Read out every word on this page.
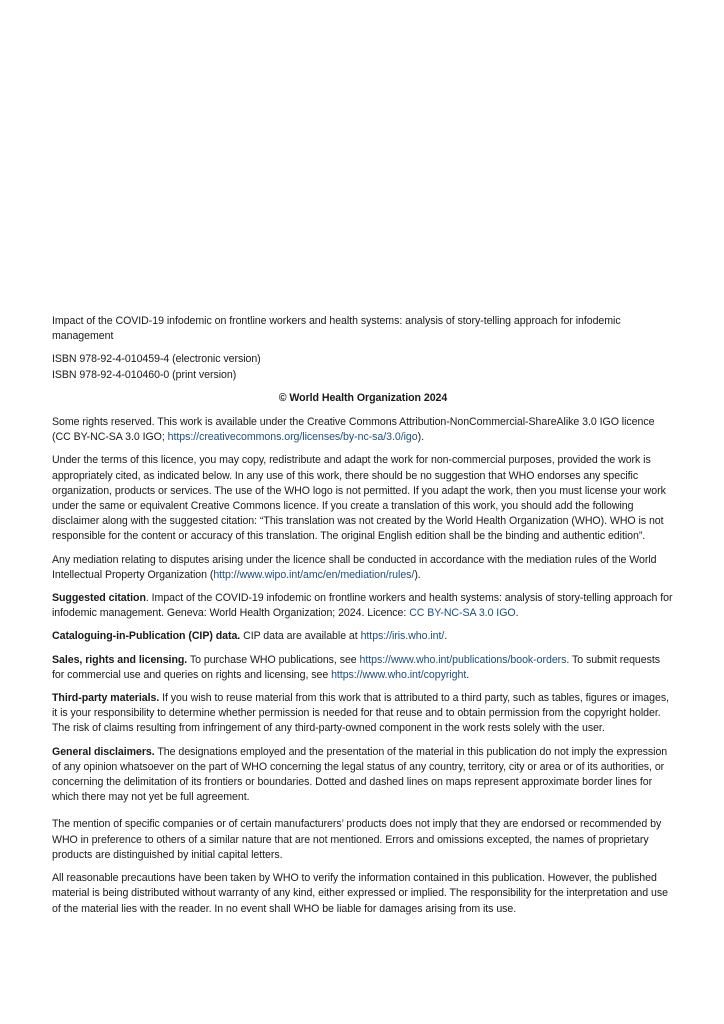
Impact of the COVID-19 infodemic on frontline workers and health systems: analysis of story-telling approach for infodemic management

ISBN 978-92-4-010459-4 (electronic version)
ISBN 978-92-4-010460-0 (print version)

© World Health Organization 2024

Some rights reserved. This work is available under the Creative Commons Attribution-NonCommercial-ShareAlike 3.0 IGO licence (CC BY-NC-SA 3.0 IGO; https://creativecommons.org/licenses/by-nc-sa/3.0/igo).

Under the terms of this licence, you may copy, redistribute and adapt the work for non-commercial purposes, provided the work is appropriately cited, as indicated below. In any use of this work, there should be no suggestion that WHO endorses any specific organization, products or services. The use of the WHO logo is not permitted. If you adapt the work, then you must license your work under the same or equivalent Creative Commons licence. If you create a translation of this work, you should add the following disclaimer along with the suggested citation: “This translation was not created by the World Health Organization (WHO). WHO is not responsible for the content or accuracy of this translation. The original English edition shall be the binding and authentic edition”.

Any mediation relating to disputes arising under the licence shall be conducted in accordance with the mediation rules of the World Intellectual Property Organization (http://www.wipo.int/amc/en/mediation/rules/).

Suggested citation. Impact of the COVID-19 infodemic on frontline workers and health systems: analysis of story-telling approach for infodemic management. Geneva: World Health Organization; 2024. Licence: CC BY-NC-SA 3.0 IGO.

Cataloguing-in-Publication (CIP) data. CIP data are available at https://iris.who.int/.

Sales, rights and licensing. To purchase WHO publications, see https://www.who.int/publications/book-orders. To submit requests for commercial use and queries on rights and licensing, see https://www.who.int/copyright.

Third-party materials. If you wish to reuse material from this work that is attributed to a third party, such as tables, figures or images, it is your responsibility to determine whether permission is needed for that reuse and to obtain permission from the copyright holder. The risk of claims resulting from infringement of any third-party-owned component in the work rests solely with the user.

General disclaimers. The designations employed and the presentation of the material in this publication do not imply the expression of any opinion whatsoever on the part of WHO concerning the legal status of any country, territory, city or area or of its authorities, or concerning the delimitation of its frontiers or boundaries. Dotted and dashed lines on maps represent approximate border lines for which there may not yet be full agreement.

The mention of specific companies or of certain manufacturers’ products does not imply that they are endorsed or recommended by WHO in preference to others of a similar nature that are not mentioned. Errors and omissions excepted, the names of proprietary products are distinguished by initial capital letters.

All reasonable precautions have been taken by WHO to verify the information contained in this publication. However, the published material is being distributed without warranty of any kind, either expressed or implied. The responsibility for the interpretation and use of the material lies with the reader. In no event shall WHO be liable for damages arising from its use.
